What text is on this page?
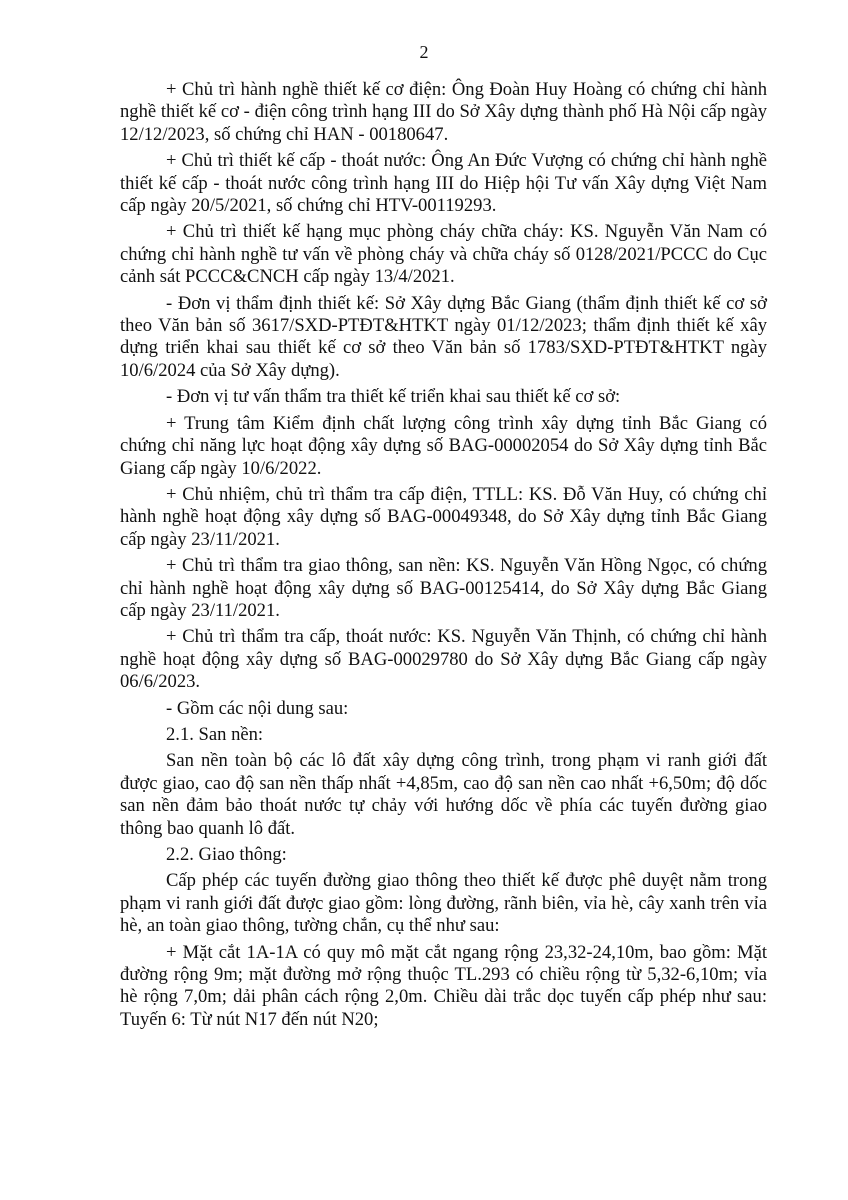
2

+ Chủ trì hành nghề thiết kế cơ điện: Ông Đoàn Huy Hoàng có chứng chỉ hành nghề thiết kế cơ - điện công trình hạng III do Sở Xây dựng thành phố Hà Nội cấp ngày 12/12/2023, số chứng chỉ HAN - 00180647.

+ Chủ trì thiết kế cấp - thoát nước: Ông An Đức Vượng có chứng chỉ hành nghề thiết kế cấp - thoát nước công trình hạng III do Hiệp hội Tư vấn Xây dựng Việt Nam cấp ngày 20/5/2021, số chứng chỉ HTV-00119293.

+ Chủ trì thiết kế hạng mục phòng cháy chữa cháy: KS. Nguyễn Văn Nam có chứng chỉ hành nghề tư vấn về phòng cháy và chữa cháy số 0128/2021/PCCC do Cục cảnh sát PCCC&CNCH cấp ngày 13/4/2021.

- Đơn vị thẩm định thiết kế: Sở Xây dựng Bắc Giang (thẩm định thiết kế cơ sở theo Văn bản số 3617/SXD-PTĐT&HTKT ngày 01/12/2023; thẩm định thiết kế xây dựng triển khai sau thiết kế cơ sở theo Văn bản số 1783/SXD-PTĐT&HTKT ngày 10/6/2024 của Sở Xây dựng).

- Đơn vị tư vấn thẩm tra thiết kế triển khai sau thiết kế cơ sở:

+ Trung tâm Kiểm định chất lượng công trình xây dựng tỉnh Bắc Giang có chứng chỉ năng lực hoạt động xây dựng số BAG-00002054 do Sở Xây dựng tỉnh Bắc Giang cấp ngày 10/6/2022.

+ Chủ nhiệm, chủ trì thẩm tra cấp điện, TTLL: KS. Đỗ Văn Huy, có chứng chỉ hành nghề hoạt động xây dựng số BAG-00049348, do Sở Xây dựng tỉnh Bắc Giang cấp ngày 23/11/2021.

+ Chủ trì thẩm tra giao thông, san nền: KS. Nguyễn Văn Hồng Ngọc, có chứng chỉ hành nghề hoạt động xây dựng số BAG-00125414, do Sở Xây dựng Bắc Giang cấp ngày 23/11/2021.

+ Chủ trì thẩm tra cấp, thoát nước: KS. Nguyễn Văn Thịnh, có chứng chỉ hành nghề hoạt động xây dựng số BAG-00029780 do Sở Xây dựng Bắc Giang cấp ngày 06/6/2023.

- Gồm các nội dung sau:

2.1. San nền:

San nền toàn bộ các lô đất xây dựng công trình, trong phạm vi ranh giới đất được giao, cao độ san nền thấp nhất +4,85m, cao độ san nền cao nhất +6,50m; độ dốc san nền đảm bảo thoát nước tự chảy với hướng dốc về phía các tuyến đường giao thông bao quanh lô đất.

2.2. Giao thông:

Cấp phép các tuyến đường giao thông theo thiết kế được phê duyệt nằm trong phạm vi ranh giới đất được giao gồm: lòng đường, rãnh biên, vỉa hè, cây xanh trên vỉa hè, an toàn giao thông, tường chắn, cụ thể như sau:

+ Mặt cắt 1A-1A có quy mô mặt cắt ngang rộng 23,32-24,10m, bao gồm: Mặt đường rộng 9m; mặt đường mở rộng thuộc TL.293 có chiều rộng từ 5,32-6,10m; vỉa hè rộng 7,0m; dải phân cách rộng 2,0m. Chiều dài trắc dọc tuyến cấp phép như sau: Tuyến 6: Từ nút N17 đến nút N20;
